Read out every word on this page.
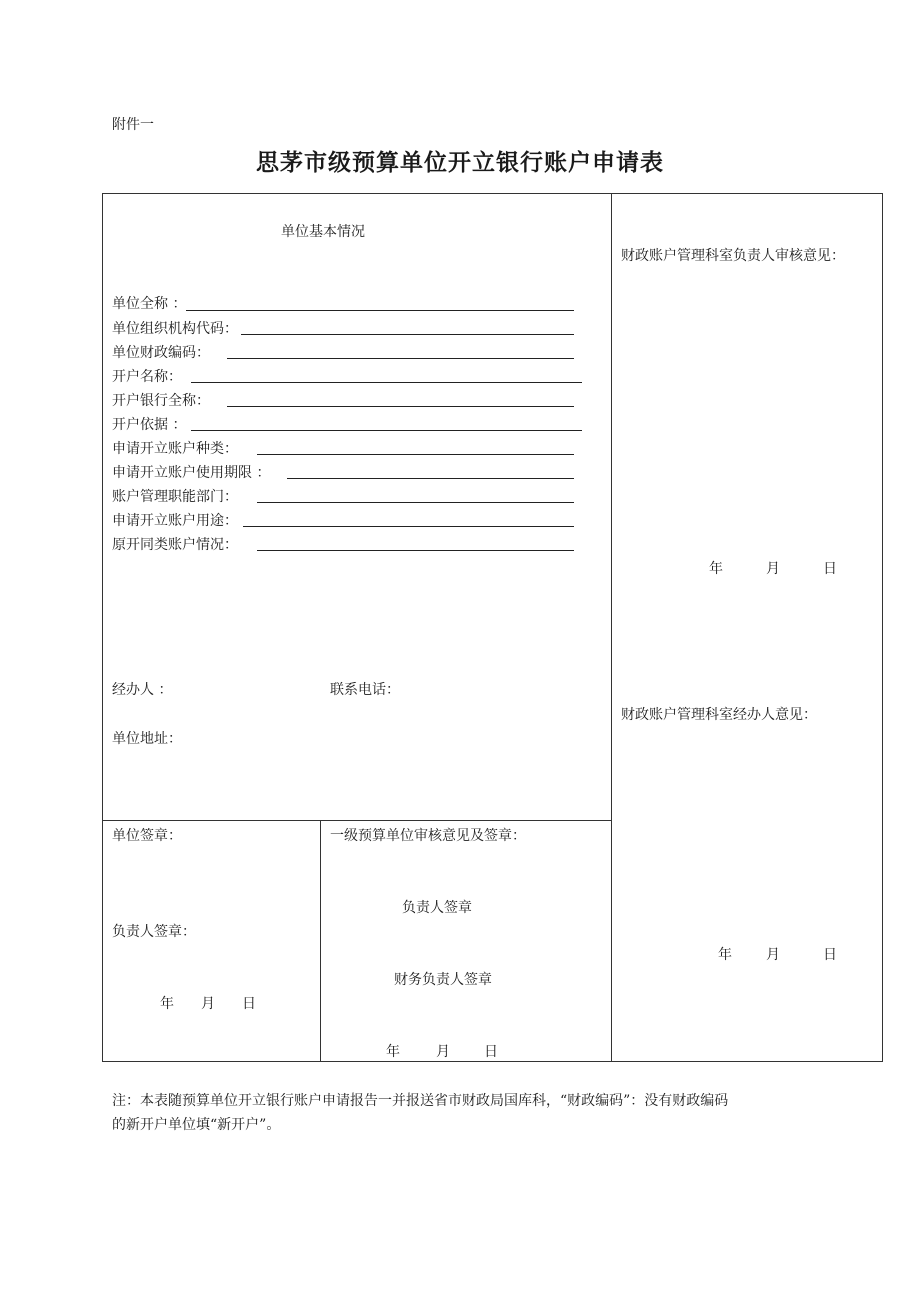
附件一
思茅市级预算单位开立银行账户申请表
单位基本情况
单位全称 ：
单位组织机构代码：
单位财政编码：
开户名称：
开户银行全称：
开户依据 ：
申请开立账户种类：
申请开立账户使用期限 ：
账户管理职能部门：
申请开立账户用途：
原开同类账户情况：
经办人 ：	联系电话：
单位地址：
单位签章：
负责人签章：
年 月 日
一级预算单位审核意见及签章：
负责人签章
财务负责人签章
年	月 日
财政账户管理科室负责人审核意见：
年	月	日
财政账户管理科室经办人意见：
年 月	日
注：本表随预算单位开立银行账户申请报告一并报送省市财政局国库科，“财政编码”：没有财政编码
的新开户单位填“新开户”。
